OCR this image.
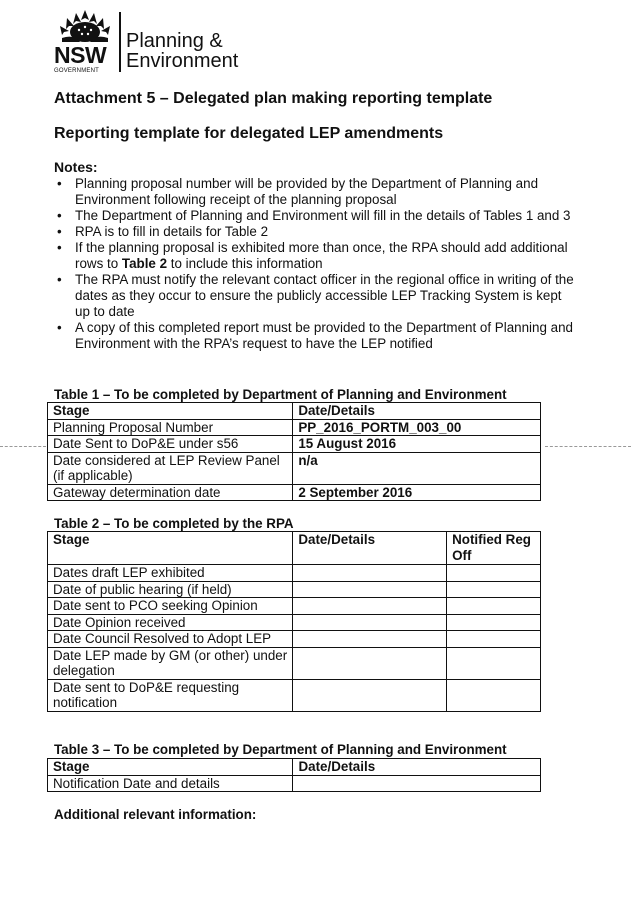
NSW
GOVERNMENT
Planning &
Environment
Attachment 5 – Delegated plan making reporting template
Reporting template for delegated LEP amendments
Notes:
• Planning proposal number will be provided by the Department of Planning and Environment following receipt of the planning proposal
• The Department of Planning and Environment will fill in the details of Tables 1 and 3
• RPA is to fill in details for Table 2
• If the planning proposal is exhibited more than once, the RPA should add additional rows to Table 2 to include this information
• The RPA must notify the relevant contact officer in the regional office in writing of the dates as they occur to ensure the publicly accessible LEP Tracking System is kept up to date
• A copy of this completed report must be provided to the Department of Planning and Environment with the RPA’s request to have the LEP notified
Table 1 – To be completed by Department of Planning and Environment
Stage	Date/Details
Planning Proposal Number	PP_2016_PORTM_003_00
Date Sent to DoP&E under s56	15 August 2016
Date considered at LEP Review Panel (if applicable)	n/a
Gateway determination date	2 September 2016
Table 2 – To be completed by the RPA
Stage	Date/Details	Notified Reg Off
Dates draft LEP exhibited		
Date of public hearing (if held)		
Date sent to PCO seeking Opinion		
Date Opinion received		
Date Council Resolved to Adopt LEP		
Date LEP made by GM (or other) under delegation		
Date sent to DoP&E requesting notification		
Table 3 – To be completed by Department of Planning and Environment
Stage	Date/Details
Notification Date and details	
Additional relevant information:
